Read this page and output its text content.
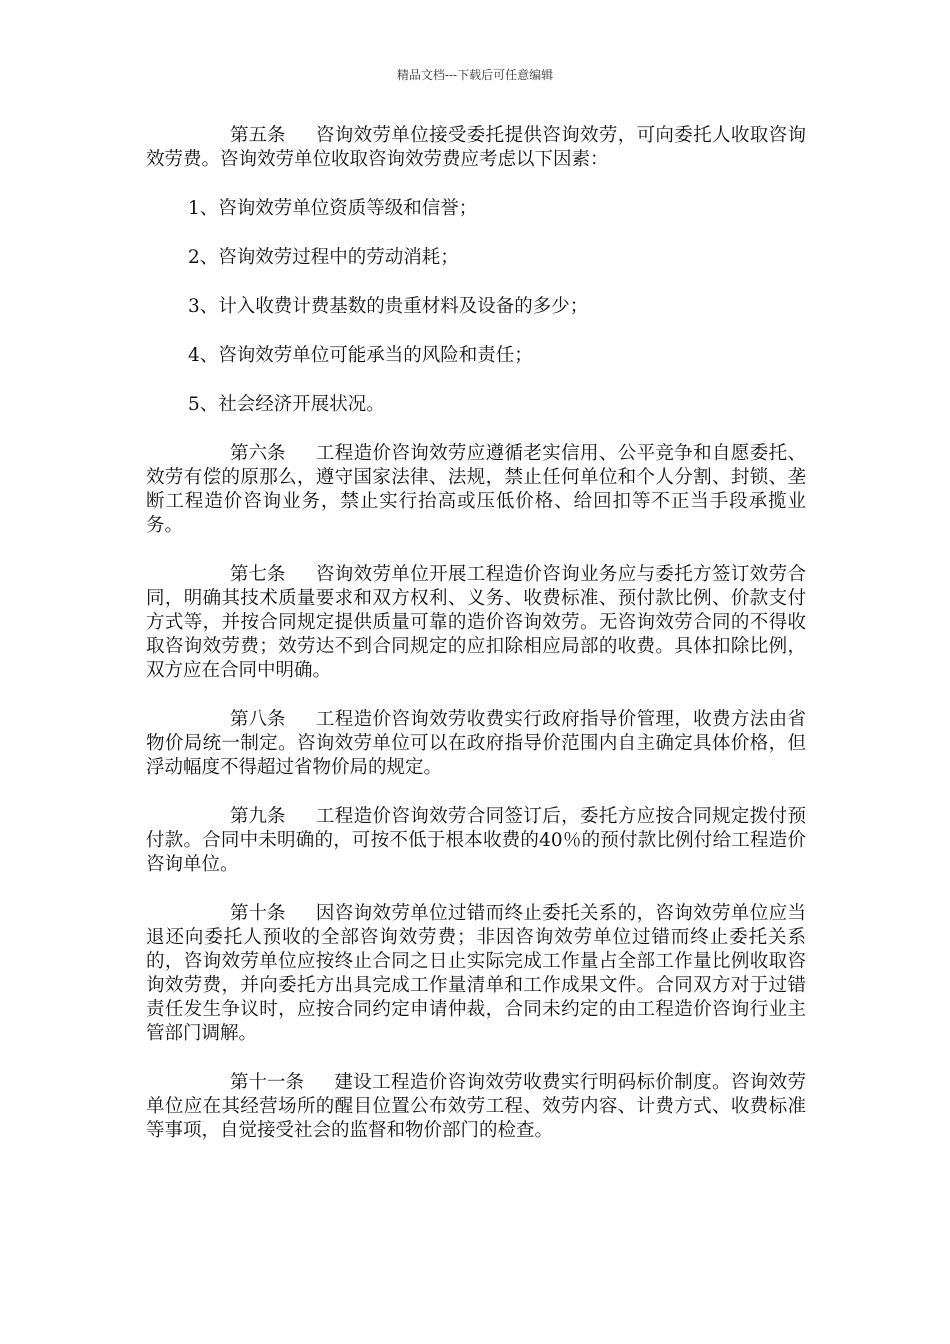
精品文档---下载后可任意编辑

第五条 咨询效劳单位接受委托提供咨询效劳，可向委托人收取咨询效劳费。咨询效劳单位收取咨询效劳费应考虑以下因素：

1、咨询效劳单位资质等级和信誉；

2、咨询效劳过程中的劳动消耗；

3、计入收费计费基数的贵重材料及设备的多少；

4、咨询效劳单位可能承当的风险和责任；

5、社会经济开展状况。

第六条 工程造价咨询效劳应遵循老实信用、公平竞争和自愿委托、效劳有偿的原那么，遵守国家法律、法规，禁止任何单位和个人分割、封锁、垄断工程造价咨询业务，禁止实行抬高或压低价格、给回扣等不正当手段承揽业务。

第七条 咨询效劳单位开展工程造价咨询业务应与委托方签订效劳合同，明确其技术质量要求和双方权利、义务、收费标准、预付款比例、价款支付方式等，并按合同规定提供质量可靠的造价咨询效劳。无咨询效劳合同的不得收取咨询效劳费；效劳达不到合同规定的应扣除相应局部的收费。具体扣除比例，双方应在合同中明确。

第八条 工程造价咨询效劳收费实行政府指导价管理，收费方法由省物价局统一制定。咨询效劳单位可以在政府指导价范围内自主确定具体价格，但浮动幅度不得超过省物价局的规定。

第九条 工程造价咨询效劳合同签订后，委托方应按合同规定拨付预付款。合同中未明确的，可按不低于根本收费的40％的预付款比例付给工程造价咨询单位。

第十条 因咨询效劳单位过错而终止委托关系的，咨询效劳单位应当退还向委托人预收的全部咨询效劳费；非因咨询效劳单位过错而终止委托关系的，咨询效劳单位应按终止合同之日止实际完成工作量占全部工作量比例收取咨询效劳费，并向委托方出具完成工作量清单和工作成果文件。合同双方对于过错责任发生争议时，应按合同约定申请仲裁，合同未约定的由工程造价咨询行业主管部门调解。

第十一条 建设工程造价咨询效劳收费实行明码标价制度。咨询效劳单位应在其经营场所的醒目位置公布效劳工程、效劳内容、计费方式、收费标准等事项，自觉接受社会的监督和物价部门的检查。
